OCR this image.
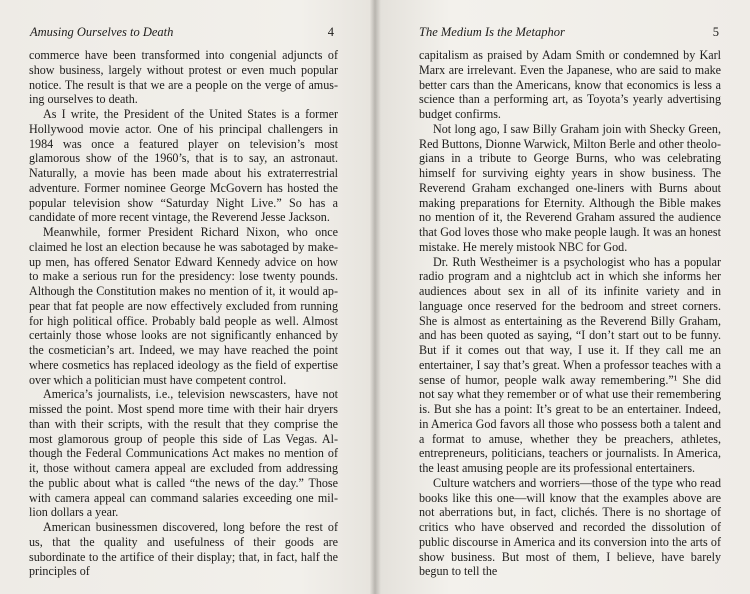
Amusing Ourselves to Death	4

commerce have been transformed into congenial adjuncts of show business, largely without protest or even much popular notice. The result is that we are a people on the verge of amusing ourselves to death.

As I write, the President of the United States is a former Hollywood movie actor. One of his principal challengers in 1984 was once a featured player on television’s most glamorous show of the 1960’s, that is to say, an astronaut. Naturally, a movie has been made about his extraterrestrial adventure. Former nominee George McGovern has hosted the popular television show “Saturday Night Live.” So has a candidate of more recent vintage, the Reverend Jesse Jackson.

Meanwhile, former President Richard Nixon, who once claimed he lost an election because he was sabotaged by make-up men, has offered Senator Edward Kennedy advice on how to make a serious run for the presidency: lose twenty pounds. Although the Constitution makes no mention of it, it would appear that fat people are now effectively excluded from running for high political office. Probably bald people as well. Almost certainly those whose looks are not significantly enhanced by the cosmetician’s art. Indeed, we may have reached the point where cosmetics has replaced ideology as the field of expertise over which a politician must have competent control.

America’s journalists, i.e., television newscasters, have not missed the point. Most spend more time with their hair dryers than with their scripts, with the result that they comprise the most glamorous group of people this side of Las Vegas. Although the Federal Communications Act makes no mention of it, those without camera appeal are excluded from addressing the public about what is called “the news of the day.” Those with camera appeal can command salaries exceeding one million dollars a year.

American businessmen discovered, long before the rest of us, that the quality and usefulness of their goods are subordinate to the artifice of their display; that, in fact, half the principles of

The Medium Is the Metaphor	5

capitalism as praised by Adam Smith or condemned by Karl Marx are irrelevant. Even the Japanese, who are said to make better cars than the Americans, know that economics is less a science than a performing art, as Toyota’s yearly advertising budget confirms.

Not long ago, I saw Billy Graham join with Shecky Green, Red Buttons, Dionne Warwick, Milton Berle and other theologians in a tribute to George Burns, who was celebrating himself for surviving eighty years in show business. The Reverend Graham exchanged one-liners with Burns about making preparations for Eternity. Although the Bible makes no mention of it, the Reverend Graham assured the audience that God loves those who make people laugh. It was an honest mistake. He merely mistook NBC for God.

Dr. Ruth Westheimer is a psychologist who has a popular radio program and a nightclub act in which she informs her audiences about sex in all of its infinite variety and in language once reserved for the bedroom and street corners. She is almost as entertaining as the Reverend Billy Graham, and has been quoted as saying, “I don’t start out to be funny. But if it comes out that way, I use it. If they call me an entertainer, I say that’s great. When a professor teaches with a sense of humor, people walk away remembering.”¹ She did not say what they remember or of what use their remembering is. But she has a point: It’s great to be an entertainer. Indeed, in America God favors all those who possess both a talent and a format to amuse, whether they be preachers, athletes, entrepreneurs, politicians, teachers or journalists. In America, the least amusing people are its professional entertainers.

Culture watchers and worriers—those of the type who read books like this one—will know that the examples above are not aberrations but, in fact, clichés. There is no shortage of critics who have observed and recorded the dissolution of public discourse in America and its conversion into the arts of show business. But most of them, I believe, have barely begun to tell the
